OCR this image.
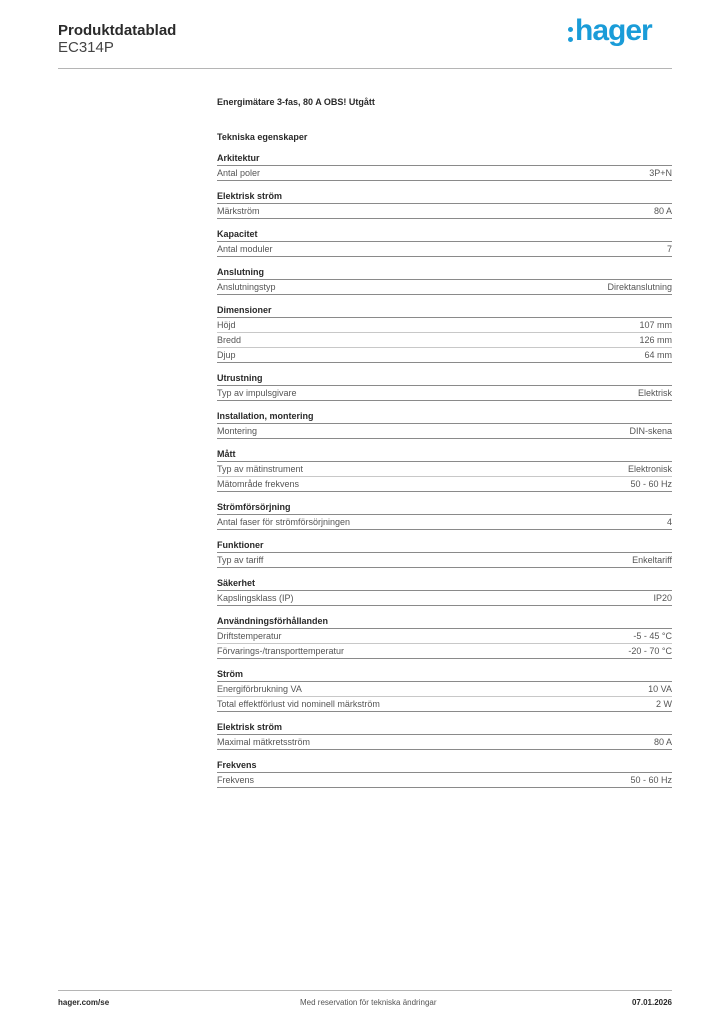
Produktdatablad
EC314P
hager
Energimätare 3-fas, 80 A OBS! Utgått
Tekniska egenskaper
Arkitektur
Antal poler	3P+N
Elektrisk ström
Märkström	80 A
Kapacitet
Antal moduler	7
Anslutning
Anslutningstyp	Direktanslutning
Dimensioner
Höjd	107 mm
Bredd	126 mm
Djup	64 mm
Utrustning
Typ av impulsgivare	Elektrisk
Installation, montering
Montering	DIN-skena
Mått
Typ av mätinstrument	Elektronisk
Mätområde frekvens	50 - 60 Hz
Strömförsörjning
Antal faser för strömförsörjningen	4
Funktioner
Typ av tariff	Enkeltariff
Säkerhet
Kapslingsklass (IP)	IP20
Användningsförhållanden
Driftstemperatur	-5 - 45 °C
Förvarings-/transporttemperatur	-20 - 70 °C
Ström
Energiförbrukning VA	10 VA
Total effektförlust vid nominell märkström	2 W
Elektrisk ström
Maximal mätkretsström	80 A
Frekvens
Frekvens	50 - 60 Hz
hager.com/se	Med reservation för tekniska ändringar	07.01.2026
